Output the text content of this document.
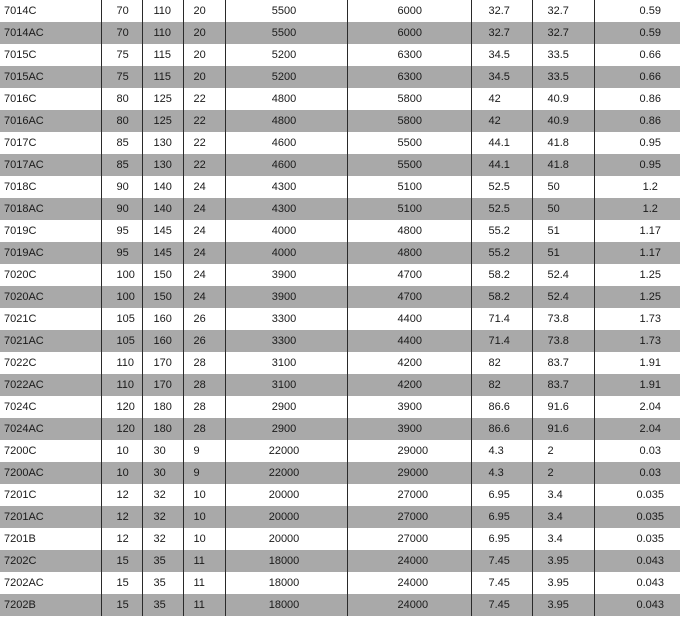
7014C	70	110	20	5500	6000	32.7	32.7	0.59
7014AC	70	110	20	5500	6000	32.7	32.7	0.59
7015C	75	115	20	5200	6300	34.5	33.5	0.66
7015AC	75	115	20	5200	6300	34.5	33.5	0.66
7016C	80	125	22	4800	5800	42	40.9	0.86
7016AC	80	125	22	4800	5800	42	40.9	0.86
7017C	85	130	22	4600	5500	44.1	41.8	0.95
7017AC	85	130	22	4600	5500	44.1	41.8	0.95
7018C	90	140	24	4300	5100	52.5	50	1.2
7018AC	90	140	24	4300	5100	52.5	50	1.2
7019C	95	145	24	4000	4800	55.2	51	1.17
7019AC	95	145	24	4000	4800	55.2	51	1.17
7020C	100	150	24	3900	4700	58.2	52.4	1.25
7020AC	100	150	24	3900	4700	58.2	52.4	1.25
7021C	105	160	26	3300	4400	71.4	73.8	1.73
7021AC	105	160	26	3300	4400	71.4	73.8	1.73
7022C	110	170	28	3100	4200	82	83.7	1.91
7022AC	110	170	28	3100	4200	82	83.7	1.91
7024C	120	180	28	2900	3900	86.6	91.6	2.04
7024AC	120	180	28	2900	3900	86.6	91.6	2.04
7200C	10	30	9	22000	29000	4.3	2	0.03
7200AC	10	30	9	22000	29000	4.3	2	0.03
7201C	12	32	10	20000	27000	6.95	3.4	0.035
7201AC	12	32	10	20000	27000	6.95	3.4	0.035
7201B	12	32	10	20000	27000	6.95	3.4	0.035
7202C	15	35	11	18000	24000	7.45	3.95	0.043
7202AC	15	35	11	18000	24000	7.45	3.95	0.043
7202B	15	35	11	18000	24000	7.45	3.95	0.043
